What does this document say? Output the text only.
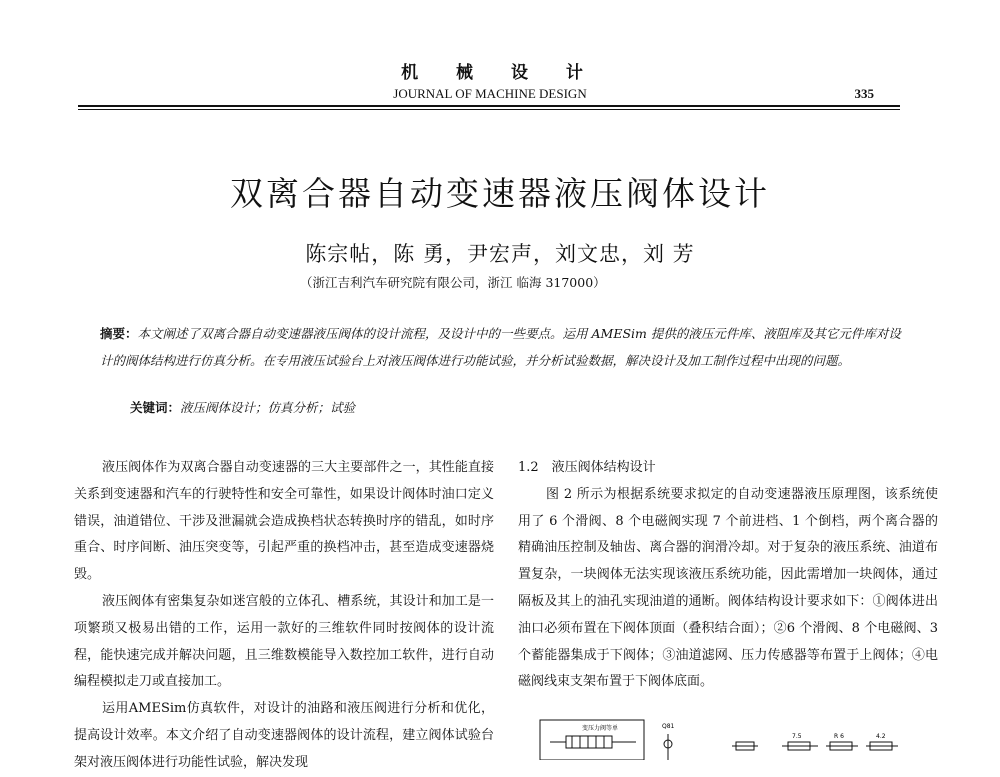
机 械 设 计
JOURNAL OF MACHINE DESIGN	335
双离合器自动变速器液压阀体设计
陈宗帖，陈 勇，尹宏声，刘文忠，刘 芳
（浙江吉利汽车研究院有限公司，浙江 临海 317000）
摘要：本文阐述了双离合器自动变速器液压阀体的设计流程，及设计中的一些要点。运用 AMESim 提供的液压元件库、液阻库及其它元件库对设计的阀体结构进行仿真分析。在专用液压试验台上对液压阀体进行功能试验，并分析试验数据，解决设计及加工制作过程中出现的问题。
关键词：液压阀体设计；仿真分析；试验

液压阀体作为双离合器自动变速器的三大主要部件之一，其性能直接关系到变速器和汽车的行驶特性和安全可靠性，如果设计阀体时油口定义错误，油道错位、干涉及泄漏就会造成换档状态转换时序的错乱，如时序重合、时序间断、油压突变等，引起严重的换档冲击，甚至造成变速器烧毁。

液压阀体有密集复杂如迷宫般的立体孔、槽系统，其设计和加工是一项繁琐又极易出错的工作，运用一款好的三维软件同时按阀体的设计流程，能快速完成并解决问题，且三维数模能导入数控加工软件，进行自动编程模拟走刀或直接加工。

运用AMESim仿真软件，对设计的油路和液压阀进行分析和优化，提高设计效率。本文介绍了自动变速器阀体的设计流程，建立阀体试验台架对液压阀体进行功能性试验，解决发现

1.2　液压阀体结构设计

图 2 所示为根据系统要求拟定的自动变速器液压原理图，该系统使用了 6 个滑阀、8 个电磁阀实现 7 个前进档、1 个倒档，两个离合器的精确油压控制及轴齿、离合器的润滑冷却。对于复杂的液压系统、油道布置复杂，一块阀体无法实现该液压系统功能，因此需增加一块阀体，通过隔板及其上的油孔实现油道的通断。阀体结构设计要求如下：①阀体进出油口必须布置在下阀体顶面（叠积结合面）；②6 个滑阀、8 个电磁阀、3 个蓄能器集成于下阀体；③油道滤网、压力传感器等布置于上阀体；④电磁阀线束支架布置于下阀体底面。

变压力阀等单	Q81
7.5	R 6	4.2
